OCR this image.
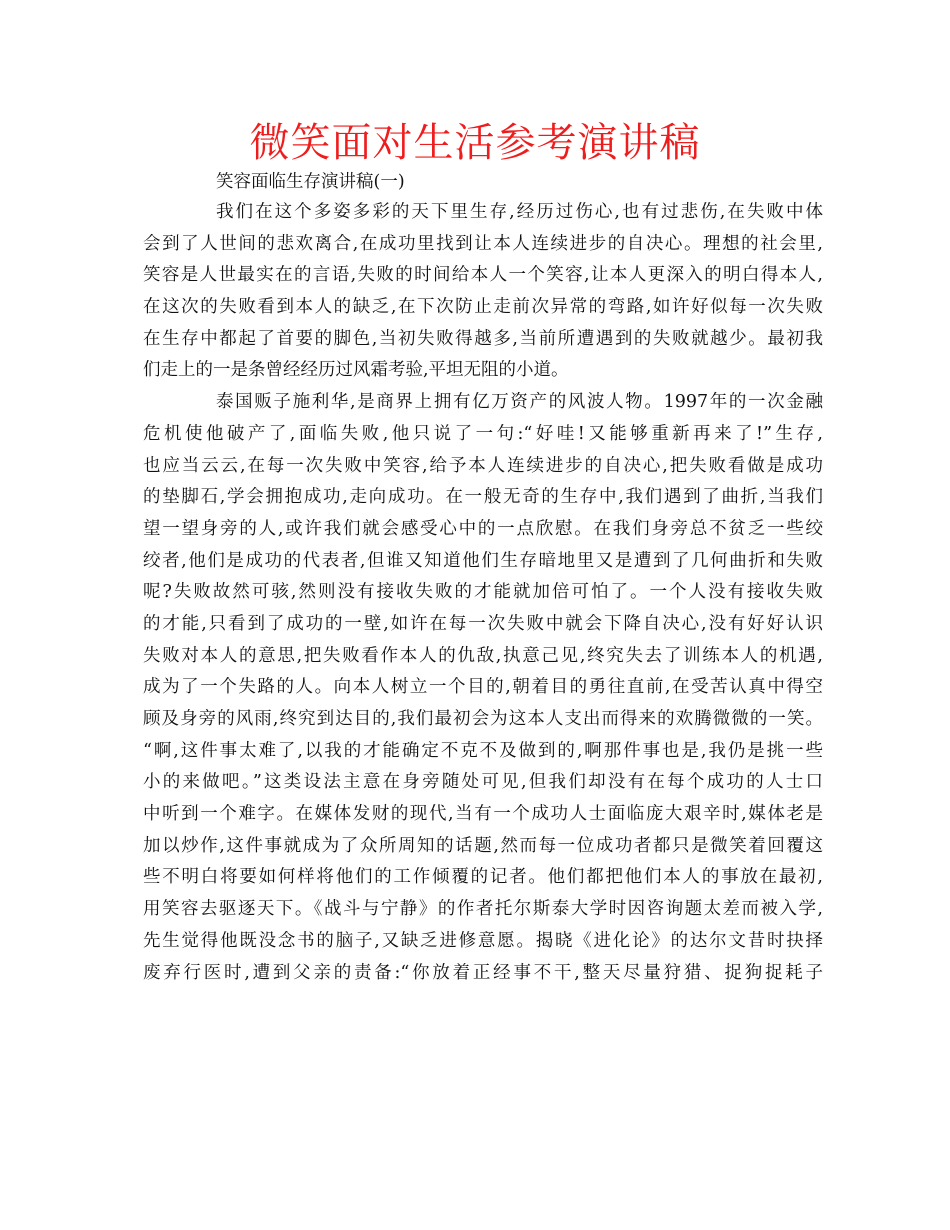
微笑面对生活参考演讲稿
笑容面临生存演讲稿(一)
我们在这个多姿多彩的天下里生存,经历过伤心,也有过悲伤,在失败中体
会到了人世间的悲欢离合,在成功里找到让本人连续进步的自决心。理想的社会里,
笑容是人世最实在的言语,失败的时间给本人一个笑容,让本人更深入的明白得本人,
在这次的失败看到本人的缺乏,在下次防止走前次异常的弯路,如许好似每一次失败
在生存中都起了首要的脚色,当初失败得越多,当前所遭遇到的失败就越少。最初我
们走上的一是条曾经经历过风霜考验,平坦无阻的小道。
泰国贩子施利华,是商界上拥有亿万资产的风波人物。1997年的一次金融
危机使他破产了,面临失败,他只说了一句:“好哇!又能够重新再来了!”生存,
也应当云云,在每一次失败中笑容,给予本人连续进步的自决心,把失败看做是成功
的垫脚石,学会拥抱成功,走向成功。在一般无奇的生存中,我们遇到了曲折,当我们
望一望身旁的人,或许我们就会感受心中的一点欣慰。在我们身旁总不贫乏一些绞
绞者,他们是成功的代表者,但谁又知道他们生存暗地里又是遭到了几何曲折和失败
呢?失败故然可骇,然则没有接收失败的才能就加倍可怕了。一个人没有接收失败
的才能,只看到了成功的一壁,如许在每一次失败中就会下降自决心,没有好好认识
失败对本人的意思,把失败看作本人的仇敌,执意己见,终究失去了训练本人的机遇,
成为了一个失路的人。向本人树立一个目的,朝着目的勇往直前,在受苦认真中得空
顾及身旁的风雨,终究到达目的,我们最初会为这本人支出而得来的欢腾微微的一笑。
“啊,这件事太难了,以我的才能确定不克不及做到的,啊那件事也是,我仍是挑一些
小的来做吧。”这类设法主意在身旁随处可见,但我们却没有在每个成功的人士口
中听到一个难字。在媒体发财的现代,当有一个成功人士面临庞大艰辛时,媒体老是
加以炒作,这件事就成为了众所周知的话题,然而每一位成功者都只是微笑着回覆这
些不明白将要如何样将他们的工作倾覆的记者。他们都把他们本人的事放在最初,
用笑容去驱逐天下。《战斗与宁静》的作者托尔斯泰大学时因咨询题太差而被入学,
先生觉得他既没念书的脑子,又缺乏进修意愿。揭晓《进化论》的达尔文昔时抉择
废弃行医时,遭到父亲的责备:“你放着正经事不干,整天尽量狩猎、捉狗捉耗子
